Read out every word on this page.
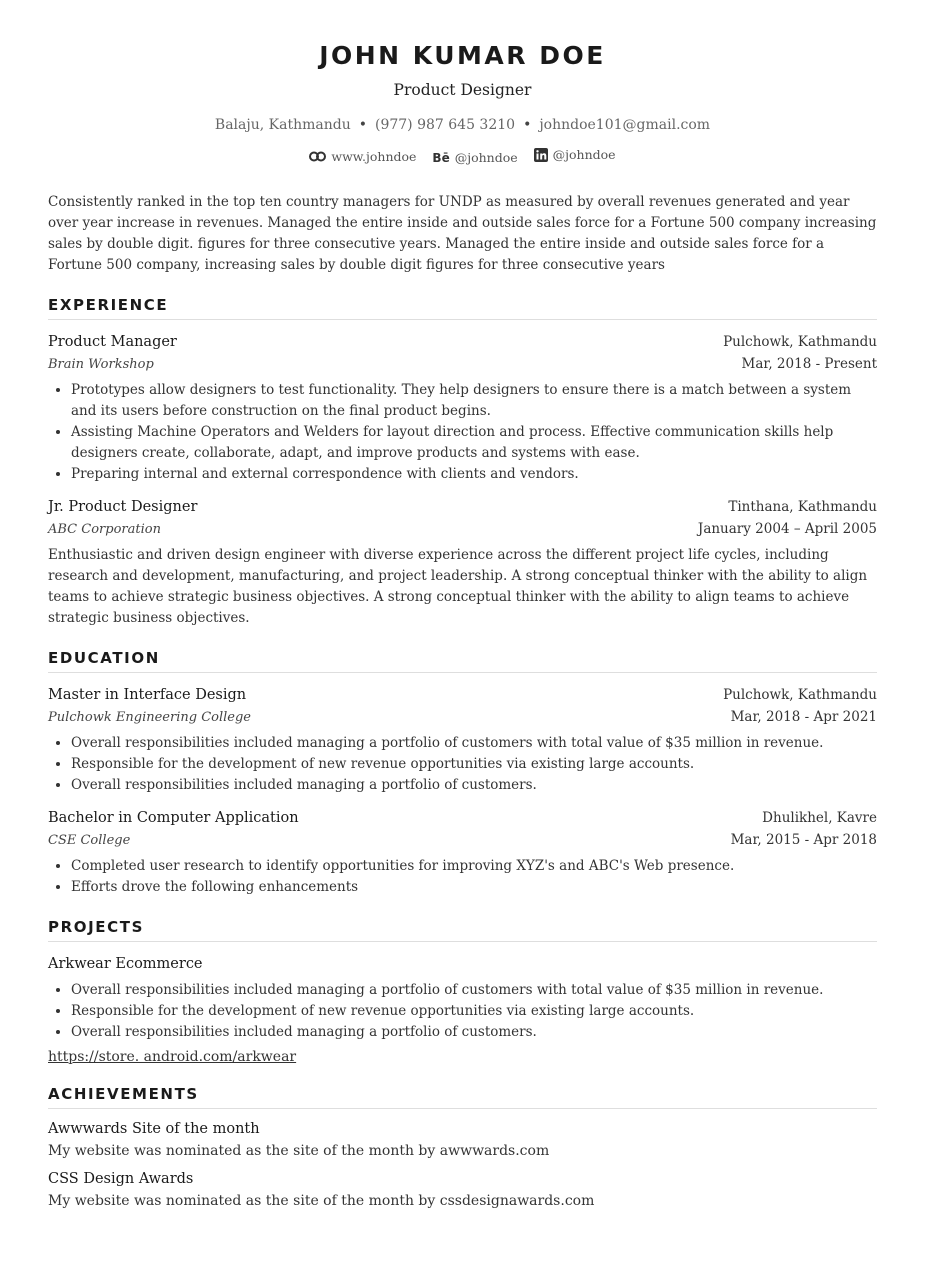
JOHN KUMAR DOE
Product Designer
Balaju, Kathmandu • (977) 987 645 3210 • johndoe101@gmail.com
www.johndoe
Bē @johndoe
	@johndoe
Consistently ranked in the top ten country managers for UNDP as measured by overall revenues generated and year over year increase in revenues. Managed the entire inside and outside sales force for a Fortune 500 company increasing sales by double digit. figures for three consecutive years. Managed the entire inside and outside sales force for a Fortune 500 company, increasing sales by double digit figures for three consecutive years
EXPERIENCE
Product Manager	Pulchowk, Kathmandu
Brain Workshop	Mar, 2018 - Present
• Prototypes allow designers to test functionality. They help designers to ensure there is a match between a system and its users before construction on the final product begins.
• Assisting Machine Operators and Welders for layout direction and process. Effective communication skills help designers create, collaborate, adapt, and improve products and systems with ease.
• Preparing internal and external correspondence with clients and vendors.
Jr. Product Designer	Tinthana, Kathmandu
ABC Corporation	January 2004 – April 2005
Enthusiastic and driven design engineer with diverse experience across the different project life cycles, including research and development, manufacturing, and project leadership. A strong conceptual thinker with the ability to align teams to achieve strategic business objectives. A strong conceptual thinker with the ability to align teams to achieve strategic business objectives.
EDUCATION
Master in Interface Design	Pulchowk, Kathmandu
Pulchowk Engineering College	Mar, 2018 - Apr 2021
• Overall responsibilities included managing a portfolio of customers with total value of $35 million in revenue.
• Responsible for the development of new revenue opportunities via existing large accounts.
• Overall responsibilities included managing a portfolio of customers.
Bachelor in Computer Application	Dhulikhel, Kavre
CSE College	Mar, 2015 - Apr 2018
• Completed user research to identify opportunities for improving XYZ's and ABC's Web presence.
• Efforts drove the following enhancements
PROJECTS
Arkwear Ecommerce
• Overall responsibilities included managing a portfolio of customers with total value of $35 million in revenue.
• Responsible for the development of new revenue opportunities via existing large accounts.
• Overall responsibilities included managing a portfolio of customers.
https://store. android.com/arkwear
ACHIEVEMENTS
Awwwards Site of the month
My website was nominated as the site of the month by awwwards.com
CSS Design Awards
My website was nominated as the site of the month by cssdesignawards.com
